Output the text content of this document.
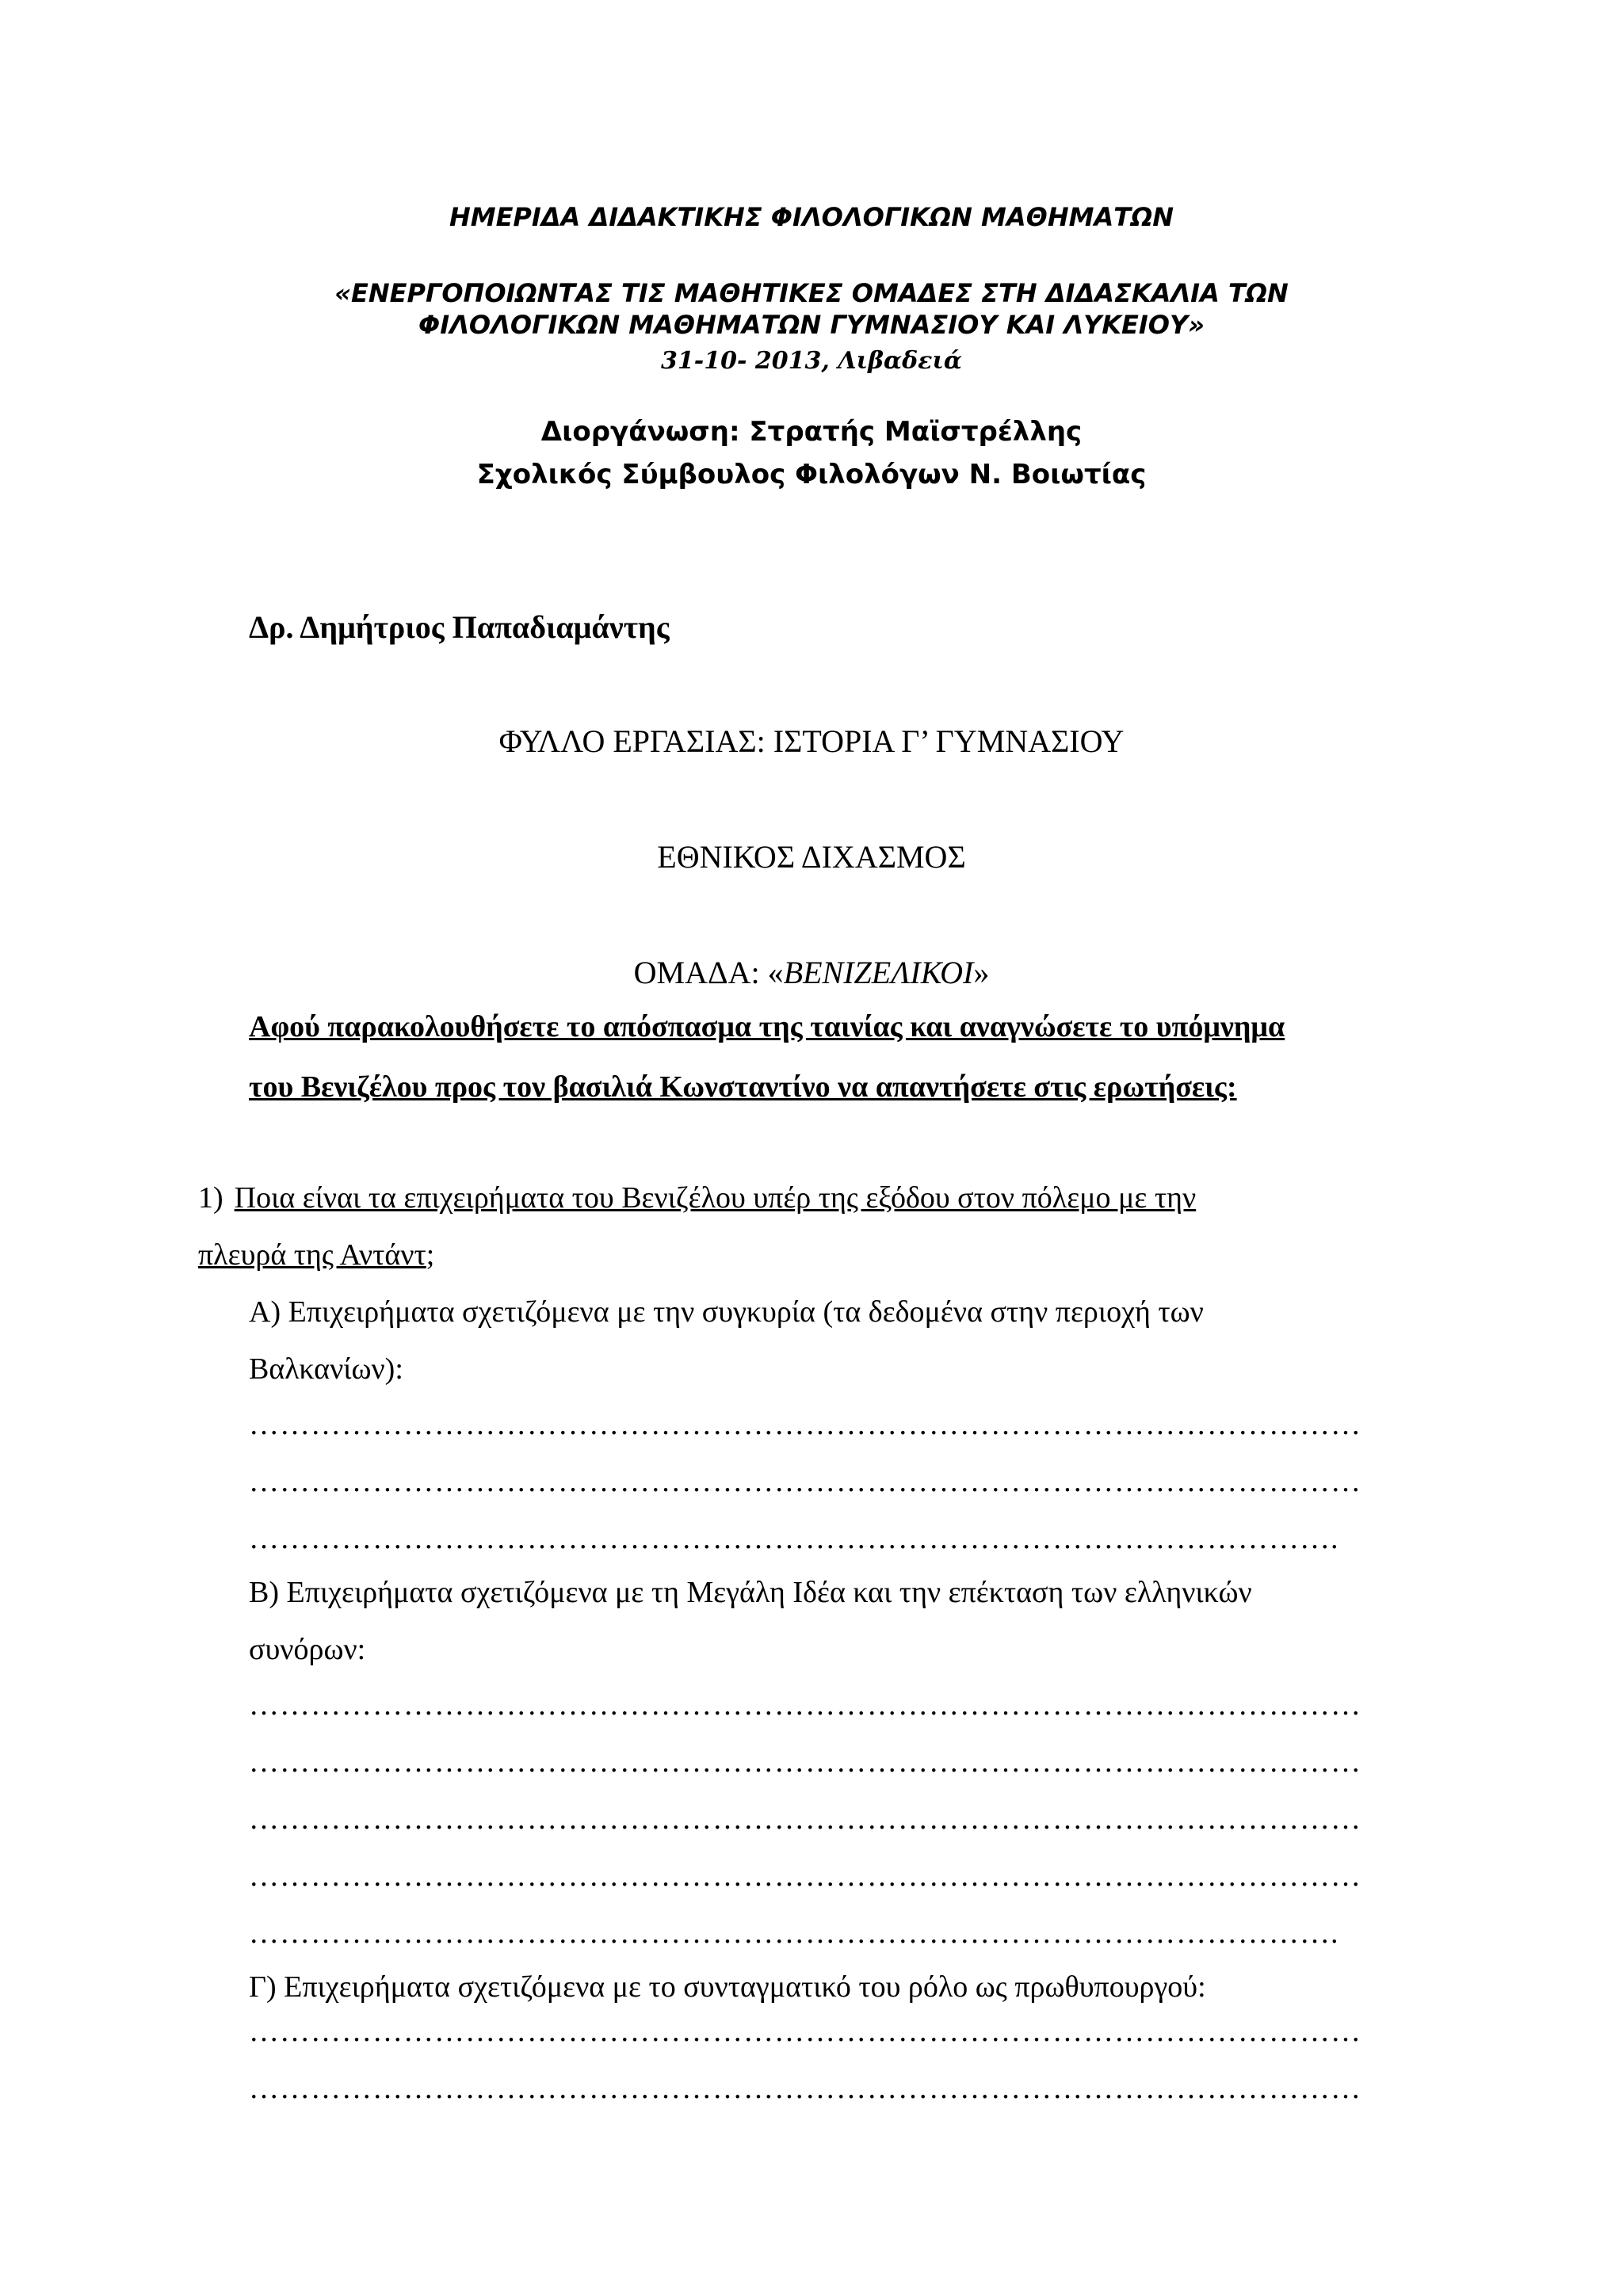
ΗΜΕΡΙΔΑ ΔΙΔΑΚΤΙΚΗΣ ΦΙΛΟΛΟΓΙΚΩΝ ΜΑΘΗΜΑΤΩΝ
«ΕΝΕΡΓΟΠΟΙΩΝΤΑΣ ΤΙΣ ΜΑΘΗΤΙΚΕΣ ΟΜΑΔΕΣ ΣΤΗ ΔΙΔΑΣΚΑΛΙΑ ΤΩΝ
ΦΙΛΟΛΟΓΙΚΩΝ ΜΑΘΗΜΑΤΩΝ ΓΥΜΝΑΣΙΟΥ ΚΑΙ ΛΥΚΕΙΟΥ»
31-10- 2013, Λιβαδειά
Διοργάνωση: Στρατής Μαϊστρέλλης
Σχολικός Σύμβουλος Φιλολόγων Ν. Βοιωτίας
Δρ. Δημήτριος Παπαδιαμάντης
ΦΥΛΛΟ ΕΡΓΑΣΙΑΣ: ΙΣΤΟΡΙΑ Γ’ ΓΥΜΝΑΣΙΟΥ
ΕΘΝΙΚΟΣ ΔΙΧΑΣΜΟΣ
ΟΜΑΔΑ: «ΒΕΝΙΖΕΛΙΚΟΙ»
Αφού παρακολουθήσετε το απόσπασμα της ταινίας και αναγνώσετε το υπόμνημα
του Βενιζέλου προς τον βασιλιά Κωνσταντίνο να απαντήσετε στις ερωτήσεις:
1) Ποια είναι τα επιχειρήματα του Βενιζέλου υπέρ της εξόδου στον πόλεμο με την
πλευρά της Αντάντ;
Α) Επιχειρήματα σχετιζόμενα με την συγκυρία (τα δεδομένα στην περιοχή των
Βαλκανίων):
………………………………………………………………………………………………
………………………………………………………………………………………………
…………………………………………………………………………………………….
Β) Επιχειρήματα σχετιζόμενα με τη Μεγάλη Ιδέα και την επέκταση των ελληνικών
συνόρων:
………………………………………………………………………………………………
………………………………………………………………………………………………
………………………………………………………………………………………………
………………………………………………………………………………………………
…………………………………………………………………………………………….
Γ) Επιχειρήματα σχετιζόμενα με το συνταγματικό του ρόλο ως πρωθυπουργού:
………………………………………………………………………………………………
………………………………………………………………………………………………
